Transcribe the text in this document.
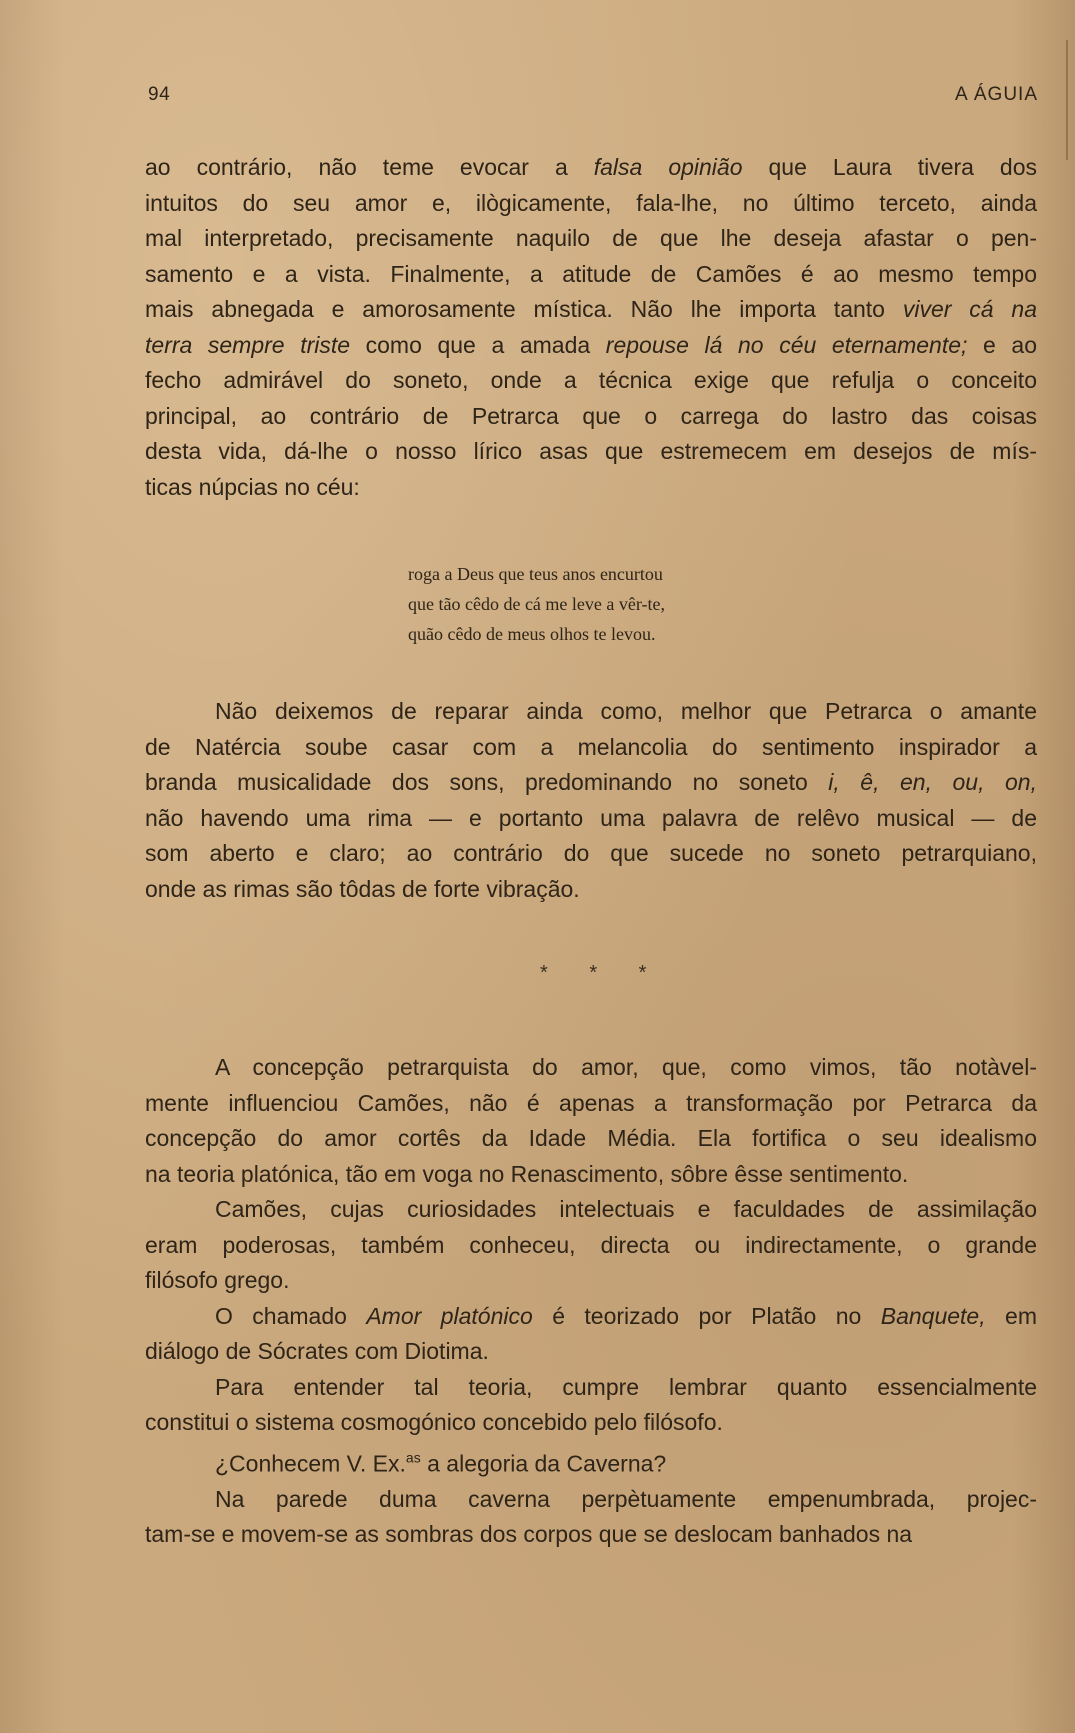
94	A ÁGUIA
ao contrário, não teme evocar a falsa opinião que Laura tivera dos
intuitos do seu amor e, ilògicamente, fala-lhe, no último terceto, ainda
mal interpretado, precisamente naquilo de que lhe deseja afastar o pen-
samento e a vista. Finalmente, a atitude de Camões é ao mesmo tempo
mais abnegada e amorosamente mística. Não lhe importa tanto viver cá na
terra sempre triste como que a amada repouse lá no céu eternamente; e ao
fecho admirável do soneto, onde a técnica exige que refulja o conceito
principal, ao contrário de Petrarca que o carrega do lastro das coisas
desta vida, dá-lhe o nosso lírico asas que estremecem em desejos de mís-
ticas núpcias no céu:
roga a Deus que teus anos encurtou
que tão cêdo de cá me leve a vêr-te,
quão cêdo de meus olhos te levou.
Não deixemos de reparar ainda como, melhor que Petrarca o amante
de Natércia soube casar com a melancolia do sentimento inspirador a
branda musicalidade dos sons, predominando no soneto i, ê, en, ou, on,
não havendo uma rima — e portanto uma palavra de relêvo musical — de
som aberto e claro; ao contrário do que sucede no soneto petrarquiano,
onde as rimas são tôdas de forte vibração.
* * *
A concepção petrarquista do amor, que, como vimos, tão notàvel-
mente influenciou Camões, não é apenas a transformação por Petrarca da
concepção do amor cortês da Idade Média. Ela fortifica o seu idealismo
na teoria platónica, tão em voga no Renascimento, sôbre êsse sentimento.
Camões, cujas curiosidades intelectuais e faculdades de assimilação
eram poderosas, também conheceu, directa ou indirectamente, o grande
filósofo grego.
O chamado Amor platónico é teorizado por Platão no Banquete, em
diálogo de Sócrates com Diotima.
Para entender tal teoria, cumpre lembrar quanto essencialmente
constitui o sistema cosmogónico concebido pelo filósofo.
¿Conhecem V. Ex.$^{as}$ a alegoria da Caverna?
Na parede duma caverna perpètuamente empenumbrada, projec-
tam-se e movem-se as sombras dos corpos que se deslocam banhados na
